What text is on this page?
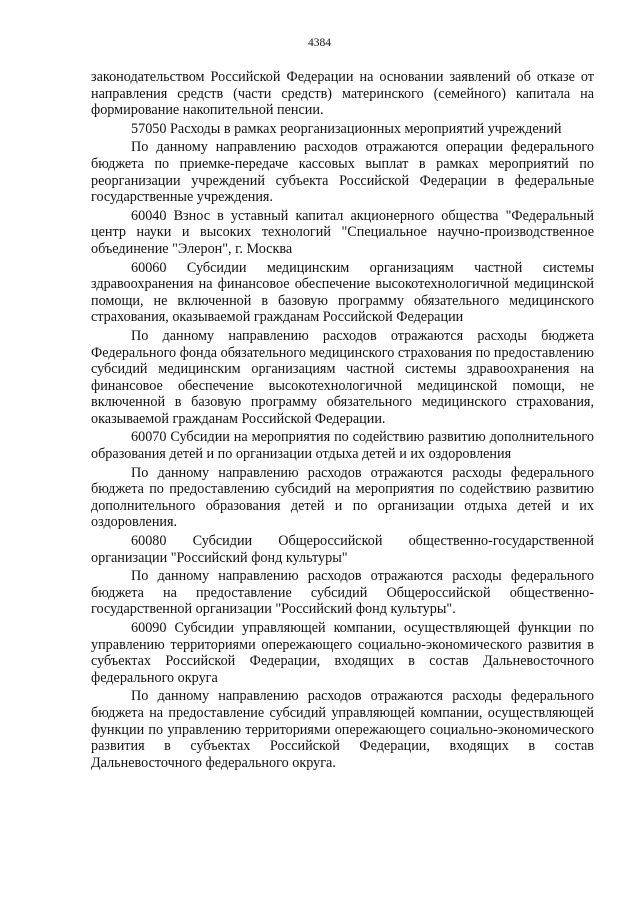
4384

законодательством Российской Федерации на основании заявлений об отказе от направления средств (части средств) материнского (семейного) капитала на формирование накопительной пенсии.

57050 Расходы в рамках реорганизационных мероприятий учреждений

По данному направлению расходов отражаются операции федерального бюджета по приемке-передаче кассовых выплат в рамках мероприятий по реорганизации учреждений субъекта Российской Федерации в федеральные государственные учреждения.

60040 Взнос в уставный капитал акционерного общества "Федеральный центр науки и высоких технологий "Специальное научно-производственное объединение "Элерон", г. Москва

60060 Субсидии медицинским организациям частной системы здравоохранения на финансовое обеспечение высокотехнологичной медицинской помощи, не включенной в базовую программу обязательного медицинского страхования, оказываемой гражданам Российской Федерации

По данному направлению расходов отражаются расходы бюджета Федерального фонда обязательного медицинского страхования по предоставлению субсидий медицинским организациям частной системы здравоохранения на финансовое обеспечение высокотехнологичной медицинской помощи, не включенной в базовую программу обязательного медицинского страхования, оказываемой гражданам Российской Федерации.

60070 Субсидии на мероприятия по содействию развитию дополнительного образования детей и по организации отдыха детей и их оздоровления

По данному направлению расходов отражаются расходы федерального бюджета по предоставлению субсидий на мероприятия по содействию развитию дополнительного образования детей и по организации отдыха детей и их оздоровления.

60080 Субсидии Общероссийской общественно-государственной организации "Российский фонд культуры"

По данному направлению расходов отражаются расходы федерального бюджета на предоставление субсидий Общероссийской общественно-государственной организации "Российский фонд культуры".

60090 Субсидии управляющей компании, осуществляющей функции по управлению территориями опережающего социально-экономического развития в субъектах Российской Федерации, входящих в состав Дальневосточного федерального округа

По данному направлению расходов отражаются расходы федерального бюджета на предоставление субсидий управляющей компании, осуществляющей функции по управлению территориями опережающего социально-экономического развития в субъектах Российской Федерации, входящих в состав Дальневосточного федерального округа.
